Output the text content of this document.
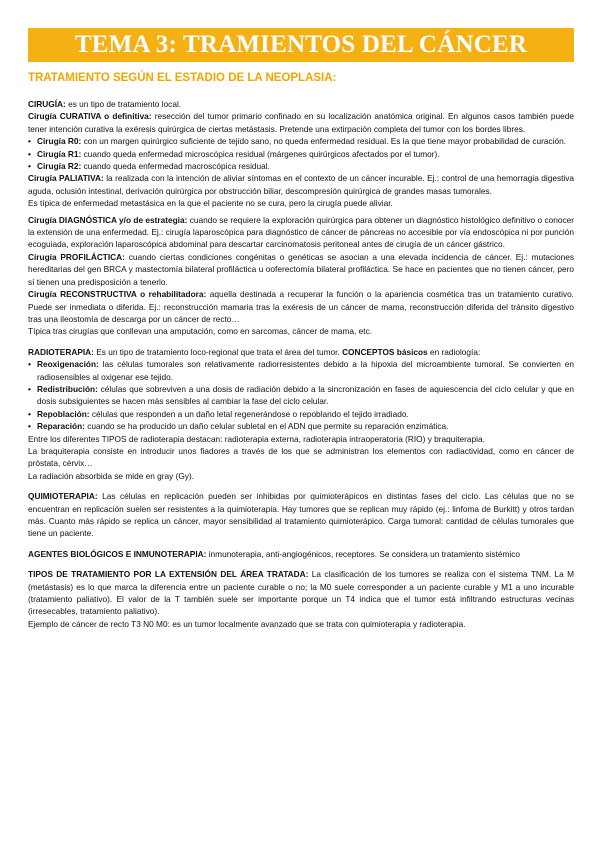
TEMA 3: TRAMIENTOS DEL CÁNCER
TRATAMIENTO SEGÚN EL ESTADIO DE LA NEOPLASIA:

CIRUGÍA: es un tipo de tratamiento local.

Cirugía CURATIVA o definitiva: resección del tumor primario confinado en su localización anatómica original. En algunos casos también puede tener intención curativa la exéresis quirúrgica de ciertas metástasis. Pretende una extirpación completa del tumor con los bordes libres.

• Cirugía R0: con un margen quirúrgico suficiente de tejido sano, no queda enfermedad residual. Es la que tiene mayor probabilidad de curación.
• Cirugía R1: cuando queda enfermedad microscópica residual (márgenes quirúrgicos afectados por el tumor).
• Cirugía R2: cuando queda enfermedad macroscópica residual.

Cirugía PALIATIVA: la realizada con la intención de aliviar síntomas en el contexto de un cáncer incurable. Ej.: control de una hemorragia digestiva aguda, oclusión intestinal, derivación quirúrgica por obstrucción biliar, descompresión quirúrgica de grandes masas tumorales.

Es típica de enfermedad metastásica en la que el paciente no se cura, pero la cirugía puede aliviar.

Cirugía DIAGNÓSTICA y/o de estrategia: cuando se requiere la exploración quirúrgica para obtener un diagnóstico histológico definitivo o conocer la extensión de una enfermedad. Ej.: cirugía laparoscópica para diagnóstico de cáncer de páncreas no accesible por vía endoscópica ni por punción ecoguiada, exploración laparoscópica abdominal para descartar carcinomatosis peritoneal antes de cirugía de un cáncer gástrico.

Cirugía PROFILÁCTICA: cuando ciertas condiciones congénitas o genéticas se asocian a una elevada incidencia de cáncer. Ej.: mutaciones hereditarias del gen BRCA y mastectomía bilateral profiláctica u ooferectomía bilateral profiláctica. Se hace en pacientes que no tienen cáncer, pero sí tienen una predisposición a tenerlo.

Cirugía RECONSTRUCTIVA o rehabilitadora: aquella destinada a recuperar la función o la apariencia cosmética tras un tratamiento curativo. Puede ser inmediata o diferida. Ej.: reconstrucción mamaria tras la exéresis de un cáncer de mama, reconstrucción diferida del tránsito digestivo tras una ileostomía de descarga por un cáncer de recto…

Típica tras cirugías que conllevan una amputación, como en sarcomas, cáncer de mama, etc.

RADIOTERAPIA: Es un tipo de tratamiento loco-regional que trata el área del tumor. CONCEPTOS básicos en radiología:

• Reoxigenación: las células tumorales son relativamente radiorresistentes debido a la hipoxia del microambiente tumoral. Se convierten en radiosensibles al oxigenar ese tejido.
• Redistribución: células que sobreviven a una dosis de radiación debido a la sincronización en fases de aquiescencia del ciclo celular y que en dosis subsiguientes se hacen más sensibles al cambiar la fase del ciclo celular.
• Repoblación: células que responden a un daño letal regenerándose o repoblando el tejido irradiado.
• Reparación: cuando se ha producido un daño celular subletal en el ADN que permite su reparación enzimática.

Entre los diferentes TIPOS de radioterapia destacan: radioterapia externa, radioterapia intraoperatoria (RIO) y braquiterapia.

La braquiterapia consiste en introducir unos fiadores a través de los que se administran los elementos con radiactividad, como en cáncer de próstata, cérvix…

La radiación absorbida se mide en gray (Gy).

QUIMIOTERAPIA: Las células en replicación pueden ser inhibidas por quimioterápicos en distintas fases del ciclo. Las células que no se encuentran en replicación suelen ser resistentes a la quimioterapia. Hay tumores que se replican muy rápido (ej.: linfoma de Burkitt) y otros tardan más. Cuanto más rápido se replica un cáncer, mayor sensibilidad al tratamiento quimioterápico. Carga tumoral: cantidad de células tumorales que tiene un paciente.

AGENTES BIOLÓGICOS E INMUNOTERAPIA: inmunoterapia, anti-angiogénicos, receptores. Se considera un tratamiento sistémico

TIPOS DE TRATAMIENTO POR LA EXTENSIÓN DEL ÁREA TRATADA: La clasificación de los tumores se realiza con el sistema TNM. La M (metástasis) es lo que marca la diferencia entre un paciente curable o no; la M0 suele corresponder a un paciente curable y M1 a uno incurable (tratamiento paliativo). El valor de la T también suele ser importante porque un T4 indica que el tumor está infiltrando estructuras vecinas (irresecables, tratamiento paliativo).

Ejemplo de cáncer de recto T3 N0 M0: es un tumor localmente avanzado que se trata con quimioterapia y radioterapia.
